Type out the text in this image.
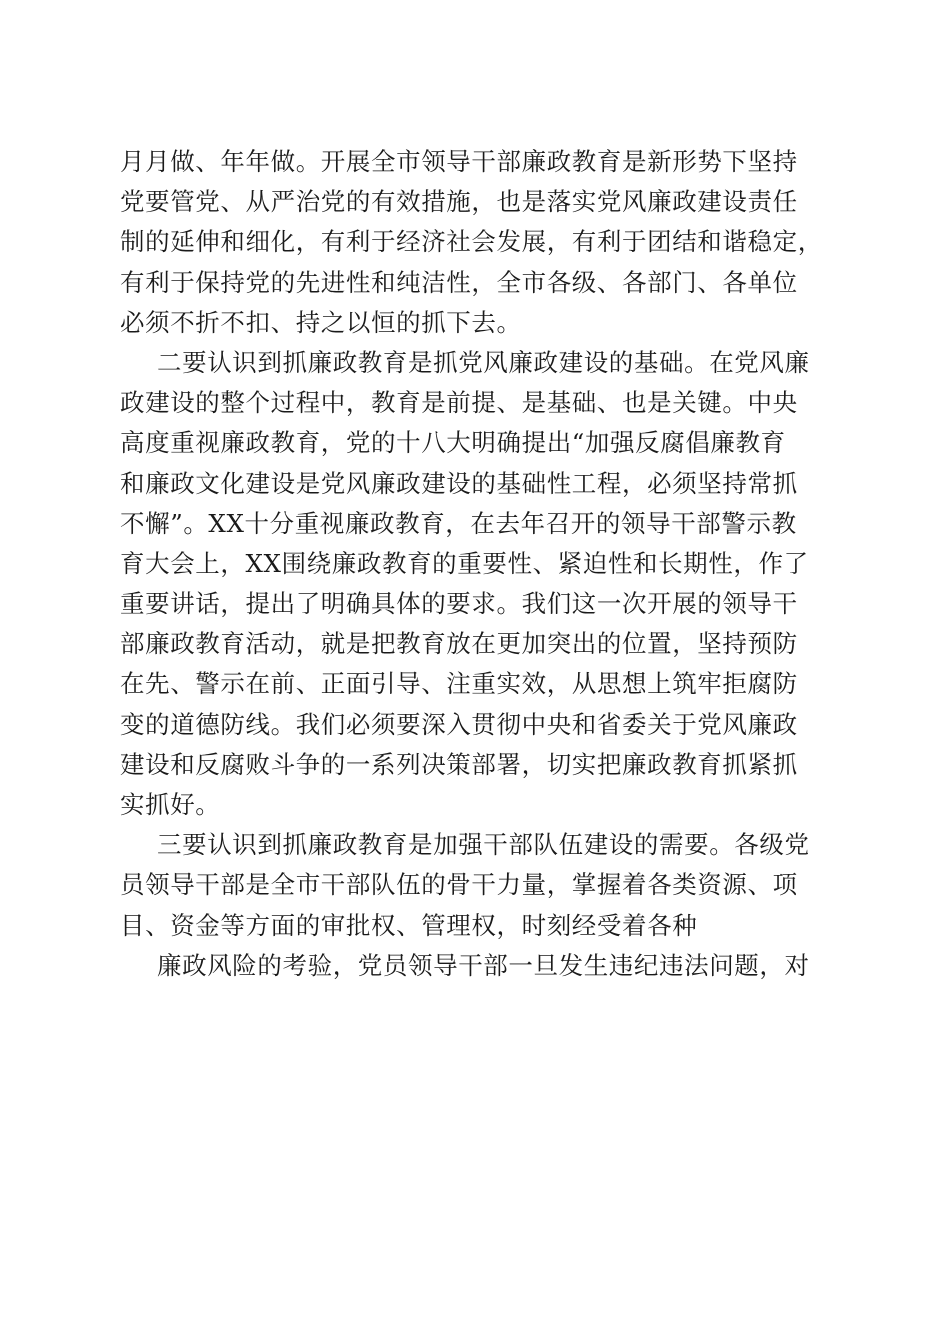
月月做、年年做。开展全市领导干部廉政教育是新形势下坚持
党要管党、从严治党的有效措施，也是落实党风廉政建设责任
制的延伸和细化，有利于经济社会发展，有利于团结和谐稳定，
有利于保持党的先进性和纯洁性，全市各级、各部门、各单位
必须不折不扣、持之以恒的抓下去。
二要认识到抓廉政教育是抓党风廉政建设的基础。在党风廉
政建设的整个过程中，教育是前提、是基础、也是关键。中央
高度重视廉政教育，党的十八大明确提出“加强反腐倡廉教育
和廉政文化建设是党风廉政建设的基础性工程，必须坚持常抓
不懈”。XX十分重视廉政教育，在去年召开的领导干部警示教
育大会上，XX围绕廉政教育的重要性、紧迫性和长期性，作了
重要讲话，提出了明确具体的要求。我们这一次开展的领导干
部廉政教育活动，就是把教育放在更加突出的位置，坚持预防
在先、警示在前、正面引导、注重实效，从思想上筑牢拒腐防
变的道德防线。我们必须要深入贯彻中央和省委关于党风廉政
建设和反腐败斗争的一系列决策部署，切实把廉政教育抓紧抓
实抓好。
三要认识到抓廉政教育是加强干部队伍建设的需要。各级党
员领导干部是全市干部队伍的骨干力量，掌握着各类资源、项
目、资金等方面的审批权、管理权，时刻经受着各种
廉政风险的考验，党员领导干部一旦发生违纪违法问题，对
